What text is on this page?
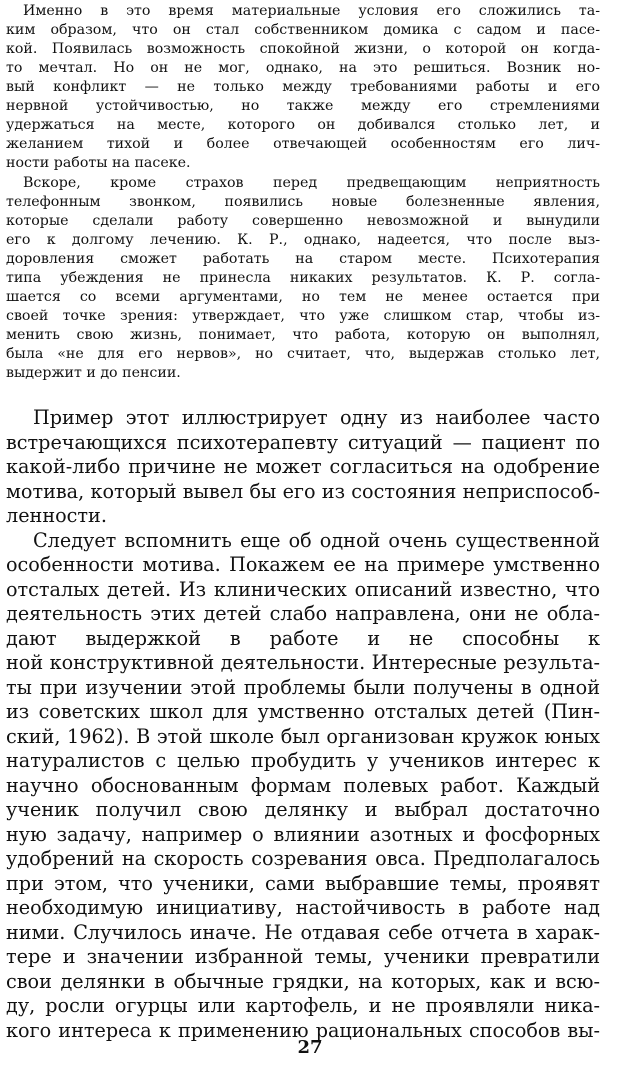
Именно в это время материальные условия его сложились та-
ким образом, что он стал собственником домика с садом и пасе-
кой. Появилась возможность спокойной жизни, о которой он когда-
то мечтал. Но он не мог, однако, на это решиться. Возник но-
вый конфликт — не только между требованиями работы и его
нервной устойчивостью, но также между его стремлениями
удержаться на месте, которого он добивался столько лет, и
желанием тихой и более отвечающей особенностям его лич-
ности работы на пасеке.
Вскоре, кроме страхов перед предвещающим неприятность
телефонным звонком, появились новые болезненные явления,
которые сделали работу совершенно невозможной и вынудили
его к долгому лечению. К. Р., однако, надеется, что после выз-
доровления сможет работать на старом месте. Психотерапия
типа убеждения не принесла никаких результатов. К. Р. согла-
шается со всеми аргументами, но тем не менее остается при
своей точке зрения: утверждает, что уже слишком стар, чтобы из-
менить свою жизнь, понимает, что работа, которую он выполнял,
была «не для его нервов», но считает, что, выдержав столько лет,
выдержит и до пенсии.
Пример этот иллюстрирует одну из наиболее часто
встречающихся психотерапевту ситуаций — пациент по
какой-либо причине не может согласиться на одобрение
мотива, который вывел бы его из состояния неприспособ-
ленности.
Следует вспомнить еще об одной очень существенной
особенности мотива. Покажем ее на примере умственно
отсталых детей. Из клинических описаний известно, что
деятельность этих детей слабо направлена, они не обла-
дают выдержкой в работе и не способны к
ной конструктивной деятельности. Интересные результа-
ты при изучении этой проблемы были получены в одной
из советских школ для умственно отсталых детей (Пин-
ский, 1962). В этой школе был организован кружок юных
натуралистов с целью пробудить у учеников интерес к
научно обоснованным формам полевых работ. Каждый
ученик получил свою делянку и выбрал достаточно
ную задачу, например о влиянии азотных и фосфорных
удобрений на скорость созревания овса. Предполагалось
при этом, что ученики, сами выбравшие темы, проявят
необходимую инициативу, настойчивость в работе над
ними. Случилось иначе. Не отдавая себе отчета в харак-
тере и значении избранной темы, ученики превратили
свои делянки в обычные грядки, на которых, как и всю-
ду, росли огурцы или картофель, и не проявляли ника-
кого интереса к применению рациональных способов вы-
27
